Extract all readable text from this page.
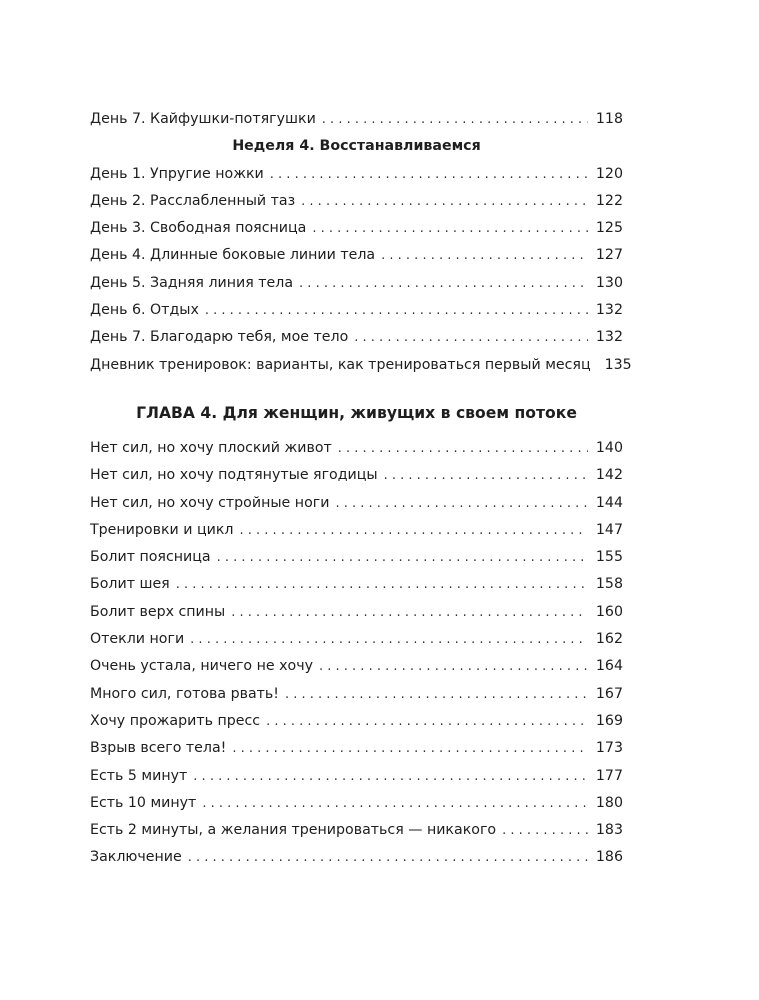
День 7. Кайфушки-потягушки . . .	118
Неделя 4. Восстанавливаемся
День 1. Упругие ножки . . .	120
День 2. Расслабленный таз . . .	122
День 3. Свободная поясница . . .	125
День 4. Длинные боковые линии тела . . .	127
День 5. Задняя линия тела . . .	130
День 6. Отдых . . .	132
День 7. Благодарю тебя, мое тело . . .	132
Дневник тренировок: варианты, как тренироваться первый месяц 135
ГЛАВА 4. Для женщин, живущих в своем потоке
Нет сил, но хочу плоский живот . . .	140
Нет сил, но хочу подтянутые ягодицы . . .	142
Нет сил, но хочу стройные ноги . . .	144
Тренировки и цикл . . .	147
Болит поясница . . .	155
Болит шея . . .	158
Болит верх спины . . .	160
Отекли ноги . . .	162
Очень устала, ничего не хочу . . .	164
Много сил, готова рвать! . . .	167
Хочу прожарить пресс . . .	169
Взрыв всего тела! . . .	173
Есть 5 минут . . .	177
Есть 10 минут . . .	180
Есть 2 минуты, а желания тренироваться — никакого . . .	183
Заключение . . .	186
